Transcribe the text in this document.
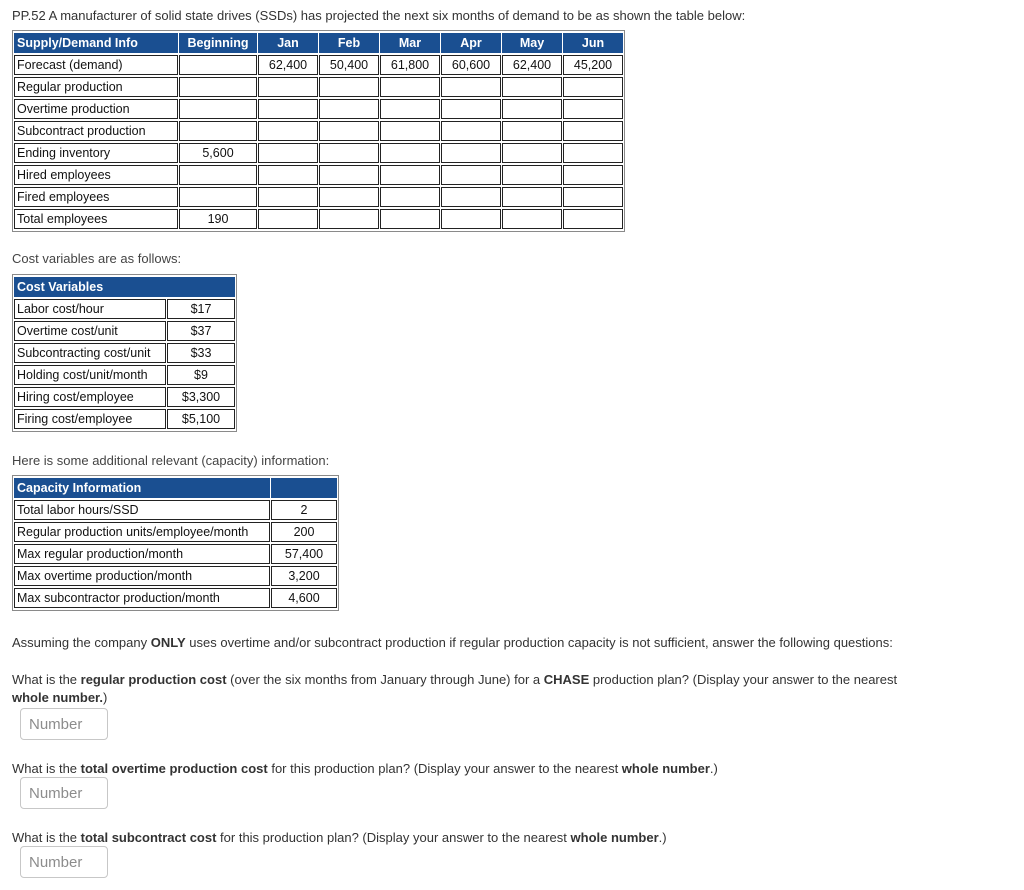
PP.52 A manufacturer of solid state drives (SSDs) has projected the next six months of demand to be as shown the table below:

Supply/Demand Info	Beginning	Jan	Feb	Mar	Apr	May	Jun
Forecast (demand)		62,400	50,400	61,800	60,600	62,400	45,200
Regular production							
Overtime production							
Subcontract production							
Ending inventory	5,600						
Hired employees							
Fired employees							
Total employees	190						

Cost variables are as follows:

Cost Variables	
Labor cost/hour	$17
Overtime cost/unit	$37
Subcontracting cost/unit	$33
Holding cost/unit/month	$9
Hiring cost/employee	$3,300
Firing cost/employee	$5,100

Here is some additional relevant (capacity) information:

Capacity Information	
Total labor hours/SSD	2
Regular production units/employee/month	200
Max regular production/month	57,400
Max overtime production/month	3,200
Max subcontractor production/month	4,600

Assuming the company ONLY uses overtime and/or subcontract production if regular production capacity is not sufficient, answer the following questions:

What is the regular production cost (over the six months from January through June) for a CHASE production plan? (Display your answer to the nearest whole number.)

Number

What is the total overtime production cost for this production plan? (Display your answer to the nearest whole number.)

Number

What is the total subcontract cost for this production plan? (Display your answer to the nearest whole number.)

Number
